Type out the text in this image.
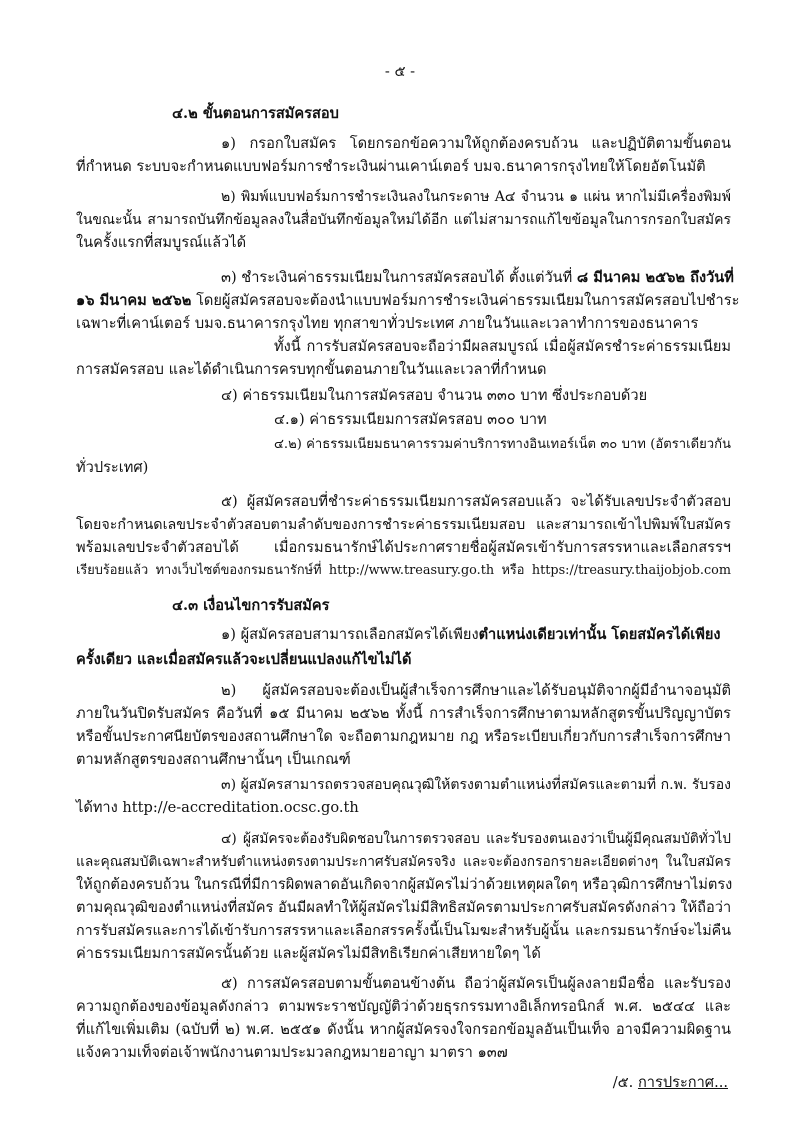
- ๕ -
๔.๒ ขั้นตอนการสมัครสอบ
๑) กรอกใบสมัคร โดยกรอกข้อความให้ถูกต้องครบถ้วน และปฏิบัติตามขั้นตอน
ที่กำหนด ระบบจะกำหนดแบบฟอร์มการชำระเงินผ่านเคาน์เตอร์ บมจ.ธนาคารกรุงไทยให้โดยอัตโนมัติ
๒) พิมพ์แบบฟอร์มการชำระเงินลงในกระดาษ A๔ จำนวน ๑ แผ่น หากไม่มีเครื่องพิมพ์
ในขณะนั้น สามารถบันทึกข้อมูลลงในสื่อบันทึกข้อมูลใหม่ได้อีก แต่ไม่สามารถแก้ไขข้อมูลในการกรอกใบสมัคร
ในครั้งแรกที่สมบูรณ์แล้วได้
๓) ชำระเงินค่าธรรมเนียมในการสมัครสอบได้ ตั้งแต่วันที่ ๘ มีนาคม ๒๕๖๒ ถึงวันที่
๑๖ มีนาคม ๒๕๖๒ โดยผู้สมัครสอบจะต้องนำแบบฟอร์มการชำระเงินค่าธรรมเนียมในการสมัครสอบไปชำระ
เฉพาะที่เคาน์เตอร์ บมจ.ธนาคารกรุงไทย ทุกสาขาทั่วประเทศ ภายในวันและเวลาทำการของธนาคาร
ทั้งนี้ การรับสมัครสอบจะถือว่ามีผลสมบูรณ์ เมื่อผู้สมัครชำระค่าธรรมเนียม
การสมัครสอบ และได้ดำเนินการครบทุกขั้นตอนภายในวันและเวลาที่กำหนด
๔) ค่าธรรมเนียมในการสมัครสอบ จำนวน ๓๓๐ บาท ซึ่งประกอบด้วย
๔.๑) ค่าธรรมเนียมการสมัครสอบ ๓๐๐ บาท
๔.๒) ค่าธรรมเนียมธนาคารรวมค่าบริการทางอินเทอร์เน็ต ๓๐ บาท (อัตราเดียวกัน
ทั่วประเทศ)
๕) ผู้สมัครสอบที่ชำระค่าธรรมเนียมการสมัครสอบแล้ว จะได้รับเลขประจำตัวสอบ
โดยจะกำหนดเลขประจำตัวสอบตามลำดับของการชำระค่าธรรมเนียมสอบ และสามารถเข้าไปพิมพ์ใบสมัคร
พร้อมเลขประจำตัวสอบได้ เมื่อกรมธนารักษ์ได้ประกาศรายชื่อผู้สมัครเข้ารับการสรรหาและเลือกสรรฯ
เรียบร้อยแล้ว ทางเว็บไซต์ของกรมธนารักษ์ที่ http://www.treasury.go.th หรือ https://treasury.thaijobjob.com
๔.๓ เงื่อนไขการรับสมัคร
๑) ผู้สมัครสอบสามารถเลือกสมัครได้เพียงตำแหน่งเดียวเท่านั้น โดยสมัครได้เพียง
ครั้งเดียว และเมื่อสมัครแล้วจะเปลี่ยนแปลงแก้ไขไม่ได้
๒) ผู้สมัครสอบจะต้องเป็นผู้สำเร็จการศึกษาและได้รับอนุมัติจากผู้มีอำนาจอนุมัติ
ภายในวันปิดรับสมัคร คือวันที่ ๑๕ มีนาคม ๒๕๖๒ ทั้งนี้ การสำเร็จการศึกษาตามหลักสูตรขั้นปริญญาบัตร
หรือขั้นประกาศนียบัตรของสถานศึกษาใด จะถือตามกฎหมาย กฎ หรือระเบียบเกี่ยวกับการสำเร็จการศึกษา
ตามหลักสูตรของสถานศึกษานั้นๆ เป็นเกณฑ์
๓) ผู้สมัครสามารถตรวจสอบคุณวุฒิให้ตรงตามตำแหน่งที่สมัครและตามที่ ก.พ. รับรอง
ได้ทาง http://e-accreditation.ocsc.go.th
๔) ผู้สมัครจะต้องรับผิดชอบในการตรวจสอบ และรับรองตนเองว่าเป็นผู้มีคุณสมบัติทั่วไป
และคุณสมบัติเฉพาะสำหรับตำแหน่งตรงตามประกาศรับสมัครจริง และจะต้องกรอกรายละเอียดต่างๆ ในใบสมัคร
ให้ถูกต้องครบถ้วน ในกรณีที่มีการผิดพลาดอันเกิดจากผู้สมัครไม่ว่าด้วยเหตุผลใดๆ หรือวุฒิการศึกษาไม่ตรง
ตามคุณวุฒิของตำแหน่งที่สมัคร อันมีผลทำให้ผู้สมัครไม่มีสิทธิสมัครตามประกาศรับสมัครดังกล่าว ให้ถือว่า
การรับสมัครและการได้เข้ารับการสรรหาและเลือกสรรครั้งนี้เป็นโมฆะสำหรับผู้นั้น และกรมธนารักษ์จะไม่คืน
ค่าธรรมเนียมการสมัครนั้นด้วย และผู้สมัครไม่มีสิทธิเรียกค่าเสียหายใดๆ ได้
๕) การสมัครสอบตามขั้นตอนข้างต้น ถือว่าผู้สมัครเป็นผู้ลงลายมือชื่อ และรับรอง
ความถูกต้องของข้อมูลดังกล่าว ตามพระราชบัญญัติว่าด้วยธุรกรรมทางอิเล็กทรอนิกส์ พ.ศ. ๒๕๔๔ และ
ที่แก้ไขเพิ่มเติม (ฉบับที่ ๒) พ.ศ. ๒๕๕๑ ดังนั้น หากผู้สมัครจงใจกรอกข้อมูลอันเป็นเท็จ อาจมีความผิดฐาน
แจ้งความเท็จต่อเจ้าพนักงานตามประมวลกฎหมายอาญา มาตรา ๑๓๗
/๕. การประกาศ...
